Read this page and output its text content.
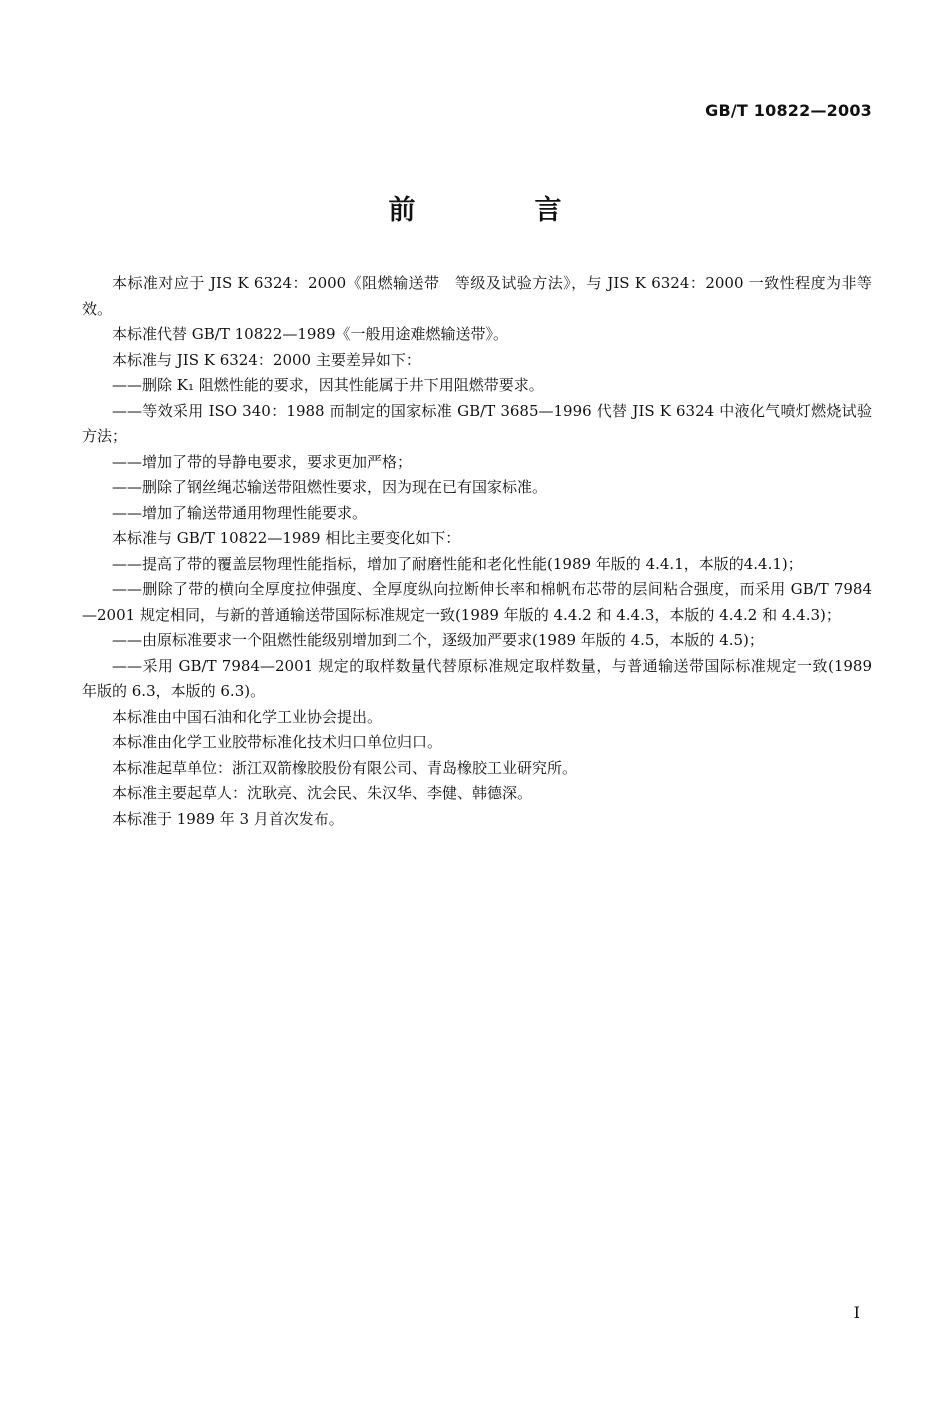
GB/T 10822—2003
前　言

本标准对应于 JIS K 6324：2000《阻燃输送带　等级及试验方法》，与 JIS K 6324：2000 一致性程度为非等效。

本标准代替 GB/T 10822—1989《一般用途难燃输送带》。

本标准与 JIS K 6324：2000 主要差异如下：

——删除 K₁ 阻燃性能的要求，因其性能属于井下用阻燃带要求。

——等效采用 ISO 340：1988 而制定的国家标准 GB/T 3685—1996 代替 JIS K 6324 中液化气喷灯燃烧试验方法；

——增加了带的导静电要求，要求更加严格；

——删除了钢丝绳芯输送带阻燃性要求，因为现在已有国家标准。

——增加了输送带通用物理性能要求。

本标准与 GB/T 10822—1989 相比主要变化如下：

——提高了带的覆盖层物理性能指标，增加了耐磨性能和老化性能(1989 年版的 4.4.1，本版的4.4.1)；

——删除了带的横向全厚度拉伸强度、全厚度纵向拉断伸长率和棉帆布芯带的层间粘合强度，而采用 GB/T 7984—2001 规定相同，与新的普通输送带国际标准规定一致(1989 年版的 4.4.2 和 4.4.3，本版的 4.4.2 和 4.4.3)；

——由原标准要求一个阻燃性能级别增加到二个，逐级加严要求(1989 年版的 4.5，本版的 4.5)；

——采用 GB/T 7984—2001 规定的取样数量代替原标准规定取样数量，与普通输送带国际标准规定一致(1989 年版的 6.3，本版的 6.3)。

本标准由中国石油和化学工业协会提出。

本标准由化学工业胶带标准化技术归口单位归口。

本标准起草单位：浙江双箭橡胶股份有限公司、青岛橡胶工业研究所。

本标准主要起草人：沈耿亮、沈会民、朱汉华、李健、韩德深。

本标准于 1989 年 3 月首次发布。

I
